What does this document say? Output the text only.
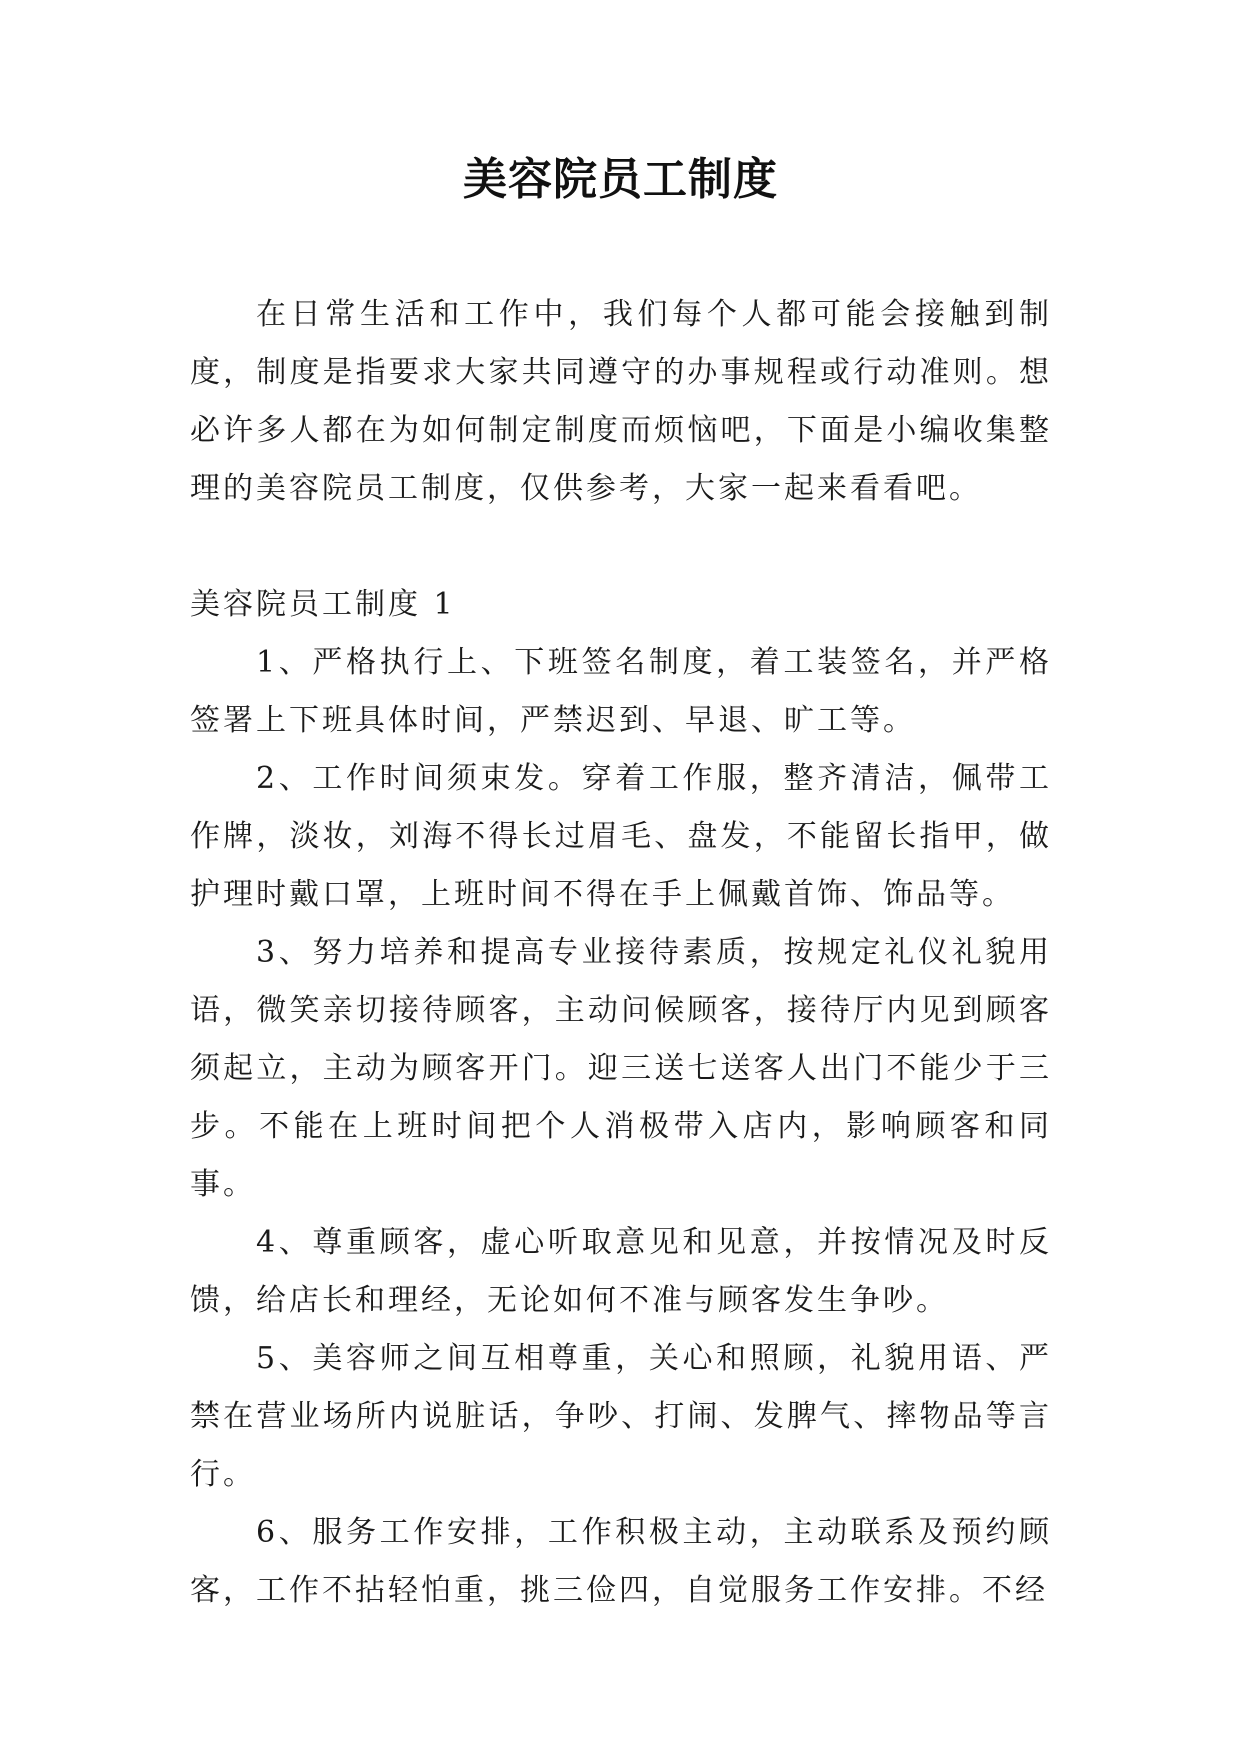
美容院员工制度

在日常生活和工作中，我们每个人都可能会接触到制度，制度是指要求大家共同遵守的办事规程或行动准则。想必许多人都在为如何制定制度而烦恼吧，下面是小编收集整理的美容院员工制度，仅供参考，大家一起来看看吧。

美容院员工制度 1

1、严格执行上、下班签名制度，着工装签名，并严格签署上下班具体时间，严禁迟到、早退、旷工等。

2、工作时间须束发。穿着工作服，整齐清洁，佩带工作牌，淡妆，刘海不得长过眉毛、盘发，不能留长指甲，做护理时戴口罩，上班时间不得在手上佩戴首饰、饰品等。

3、努力培养和提高专业接待素质，按规定礼仪礼貌用语，微笑亲切接待顾客，主动问候顾客，接待厅内见到顾客须起立，主动为顾客开门。迎三送七送客人出门不能少于三步。不能在上班时间把个人消极带入店内，影响顾客和同事。

4、尊重顾客，虚心听取意见和见意，并按情况及时反馈，给店长和理经，无论如何不准与顾客发生争吵。

5、美容师之间互相尊重，关心和照顾，礼貌用语、严禁在营业场所内说脏话，争吵、打闹、发脾气、摔物品等言行。

6、服务工作安排，工作积极主动，主动联系及预约顾客，工作不拈轻怕重，挑三俭四，自觉服务工作安排。不经
